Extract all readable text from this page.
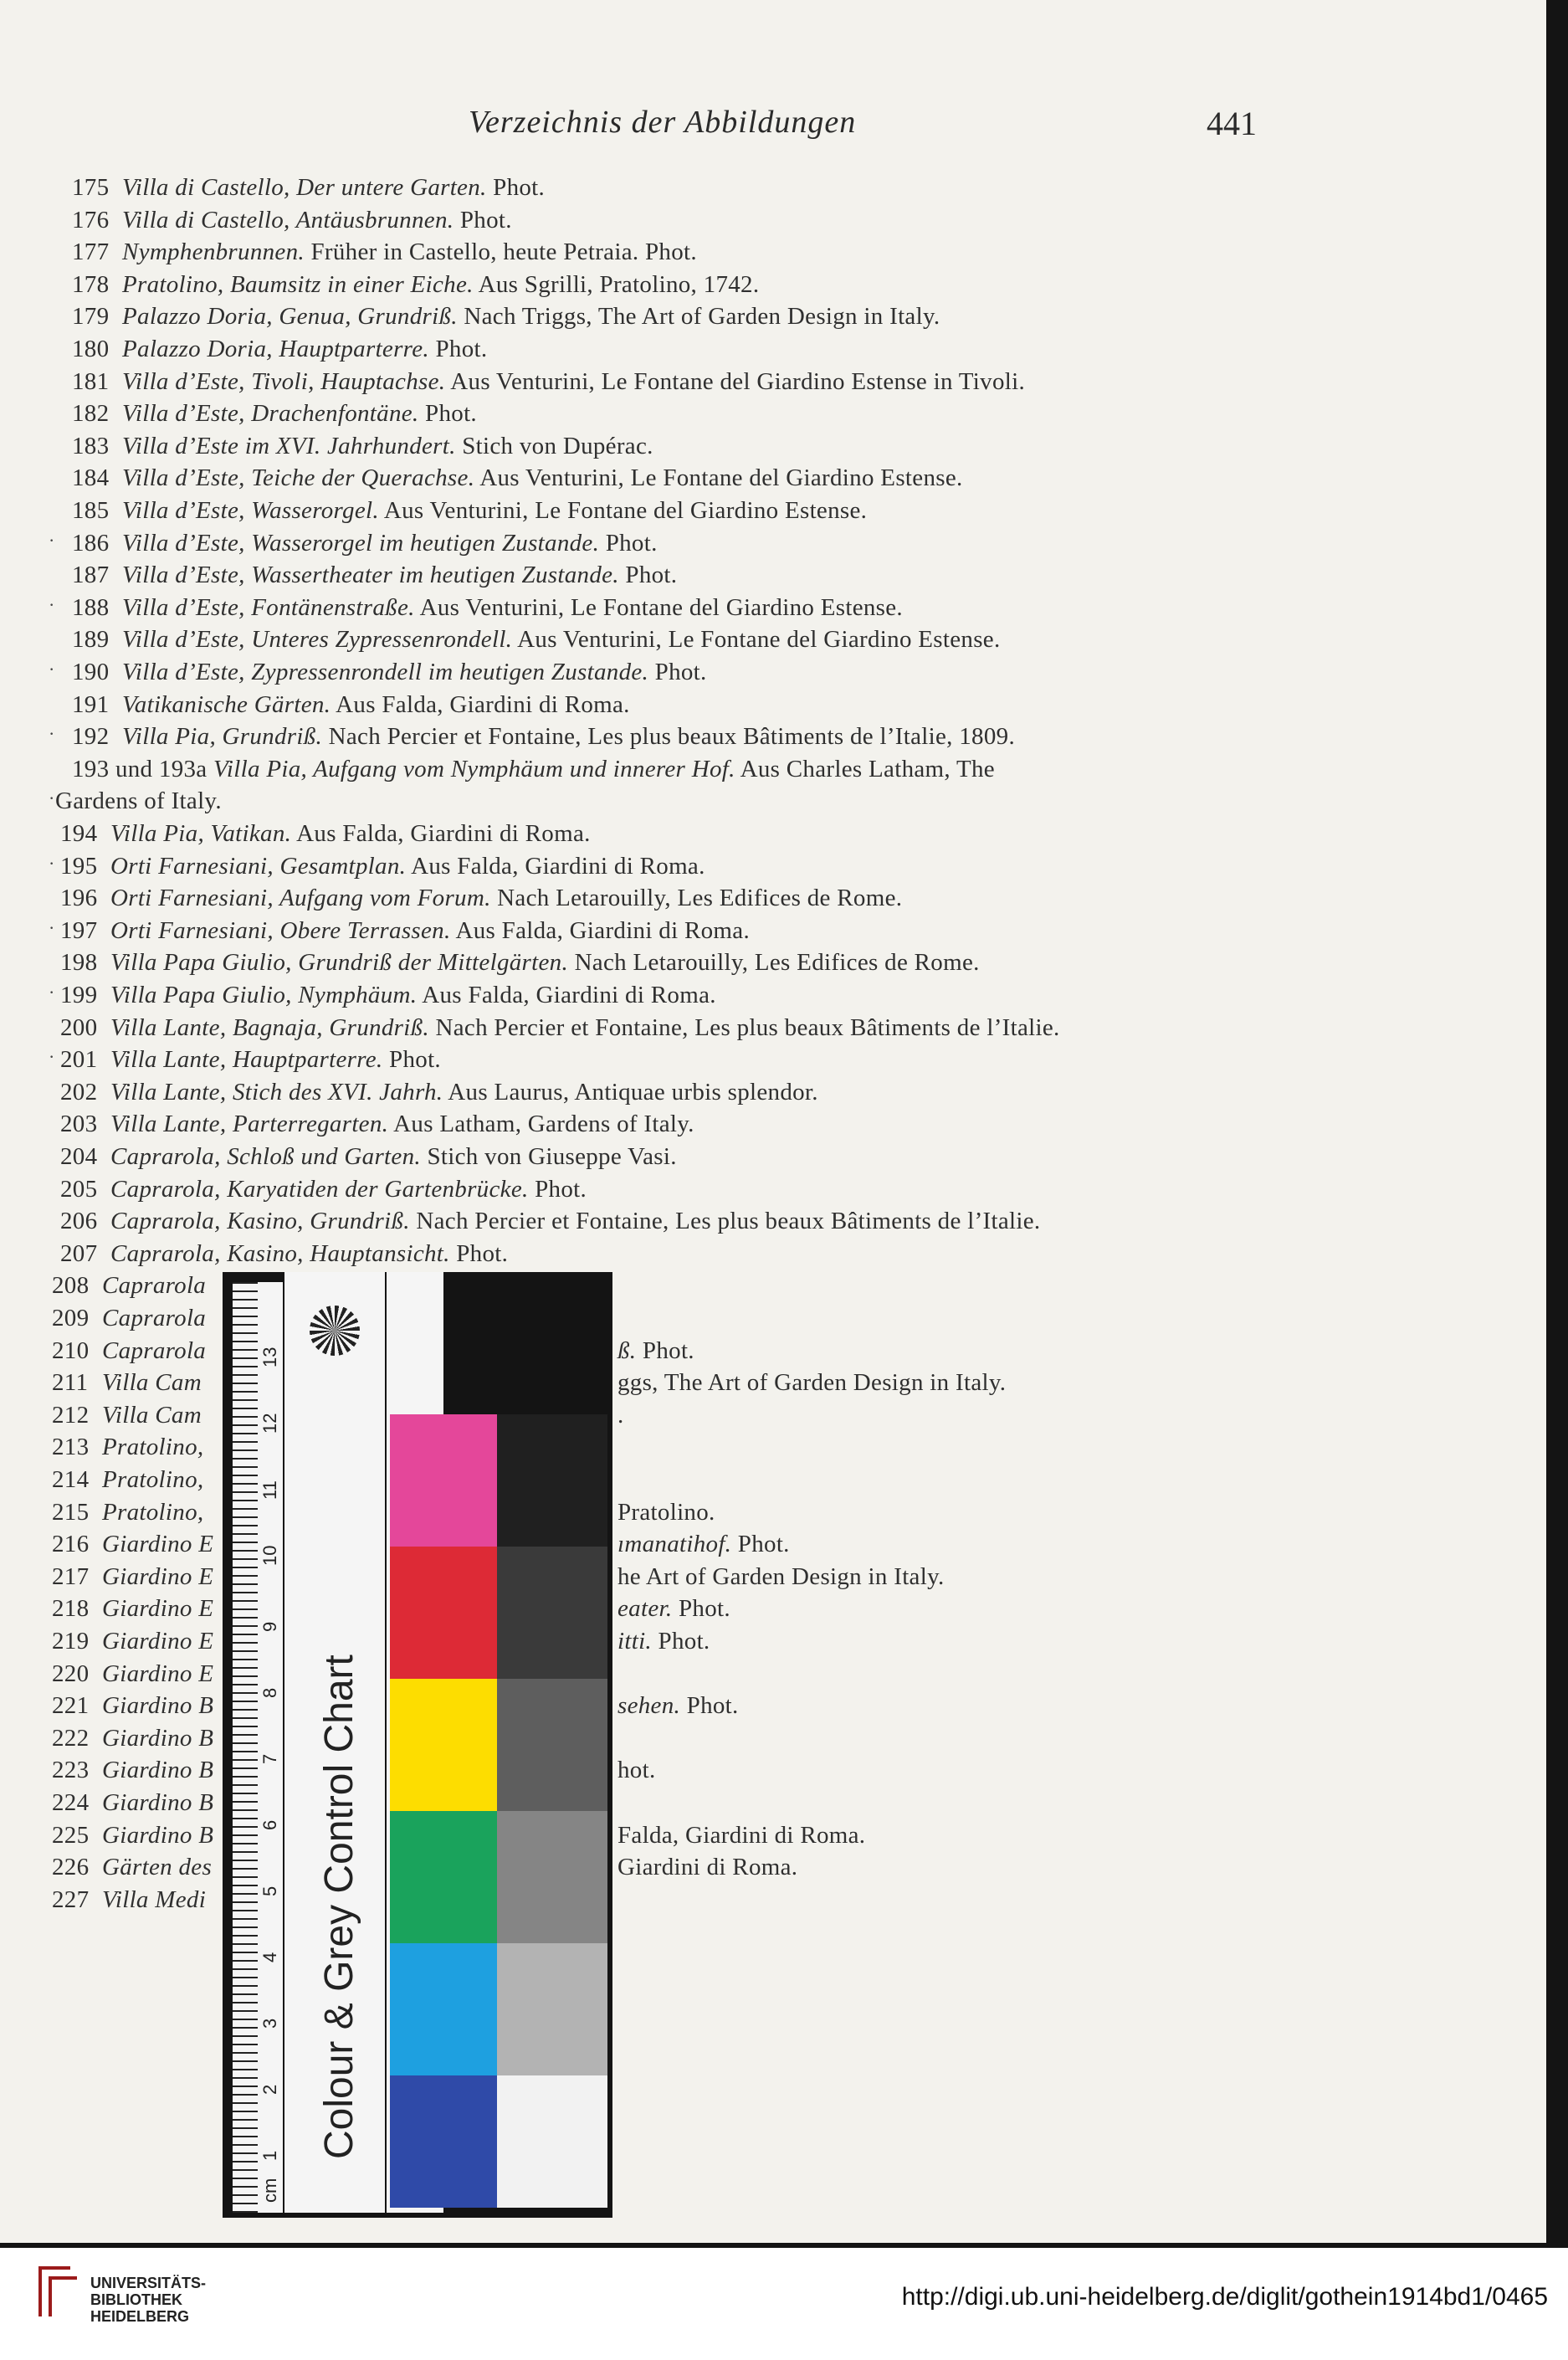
Verzeichnis der Abbildungen	441
175 Villa di Castello, Der untere Garten. Phot.
176 Villa di Castello, Antäusbrunnen. Phot.
177 Nymphenbrunnen. Früher in Castello, heute Petraia. Phot.
178 Pratolino, Baumsitz in einer Eiche. Aus Sgrilli, Pratolino, 1742.
179 Palazzo Doria, Genua, Grundriß. Nach Triggs, The Art of Garden Design in Italy.
180 Palazzo Doria, Hauptparterre. Phot.
181 Villa d’Este, Tivoli, Hauptachse. Aus Venturini, Le Fontane del Giardino Estense in Tivoli.
182 Villa d’Este, Drachenfontäne. Phot.
183 Villa d’Este im XVI. Jahrhundert. Stich von Dupérac.
184 Villa d’Este, Teiche der Querachse. Aus Venturini, Le Fontane del Giardino Estense.
185 Villa d’Este, Wasserorgel. Aus Venturini, Le Fontane del Giardino Estense.
186 Villa d’Este, Wasserorgel im heutigen Zustande. Phot.
187 Villa d’Este, Wassertheater im heutigen Zustande. Phot.
188 Villa d’Este, Fontänenstraße. Aus Venturini, Le Fontane del Giardino Estense.
189 Villa d’Este, Unteres Zypressenrondell. Aus Venturini, Le Fontane del Giardino Estense.
190 Villa d’Este, Zypressenrondell im heutigen Zustande. Phot.
191 Vatikanische Gärten. Aus Falda, Giardini di Roma.
192 Villa Pia, Grundriß. Nach Percier et Fontaine, Les plus beaux Bâtiments de l’Italie, 1809.
193 und 193a Villa Pia, Aufgang vom Nymphäum und innerer Hof. Aus Charles Latham, The
Gardens of Italy.
194 Villa Pia, Vatikan. Aus Falda, Giardini di Roma.
195 Orti Farnesiani, Gesamtplan. Aus Falda, Giardini di Roma.
196 Orti Farnesiani, Aufgang vom Forum. Nach Letarouilly, Les Edifices de Rome.
197 Orti Farnesiani, Obere Terrassen. Aus Falda, Giardini di Roma.
198 Villa Papa Giulio, Grundriß der Mittelgärten. Nach Letarouilly, Les Edifices de Rome.
199 Villa Papa Giulio, Nymphäum. Aus Falda, Giardini di Roma.
200 Villa Lante, Bagnaja, Grundriß. Nach Percier et Fontaine, Les plus beaux Bâtiments de l’Italie.
201 Villa Lante, Hauptparterre. Phot.
202 Villa Lante, Stich des XVI. Jahrh. Aus Laurus, Antiquae urbis splendor.
203 Villa Lante, Parterregarten. Aus Latham, Gardens of Italy.
204 Caprarola, Schloß und Garten. Stich von Giuseppe Vasi.
205 Caprarola, Karyatiden der Gartenbrücke. Phot.
206 Caprarola, Kasino, Grundriß. Nach Percier et Fontaine, Les plus beaux Bâtiments de l’Italie.
207 Caprarola, Kasino, Hauptansicht. Phot.
208 Caprarola
209 Caprarola
210 Caprarola
211 Villa Cam
212 Villa Cam
213 Pratolino,
214 Pratolino,
215 Pratolino,
216 Giardino E
217 Giardino E
218 Giardino E
219 Giardino E
220 Giardino E
221 Giardino B
222 Giardino B
223 Giardino B
224 Giardino B
225 Giardino B
226 Gärten des
227 Villa Medi
ß. Phot.
ggs, The Art of Garden Design in Italy.
.
Pratolino.
ımanatihof. Phot.
he Art of Garden Design in Italy.
eater. Phot.
itti. Phot.
sehen. Phot.
hot.
Falda, Giardini di Roma.
Giardini di Roma.
·
·
·
·
·
·
·
·
·
cm
1
2
3
4
5
6
7
8
9
10
11
12
13
Colour & Grey Control Chart
UNIVERSITÄTS-
BIBLIOTHEK
HEIDELBERG
http://digi.ub.uni-heidelberg.de/diglit/gothein1914bd1/0465
